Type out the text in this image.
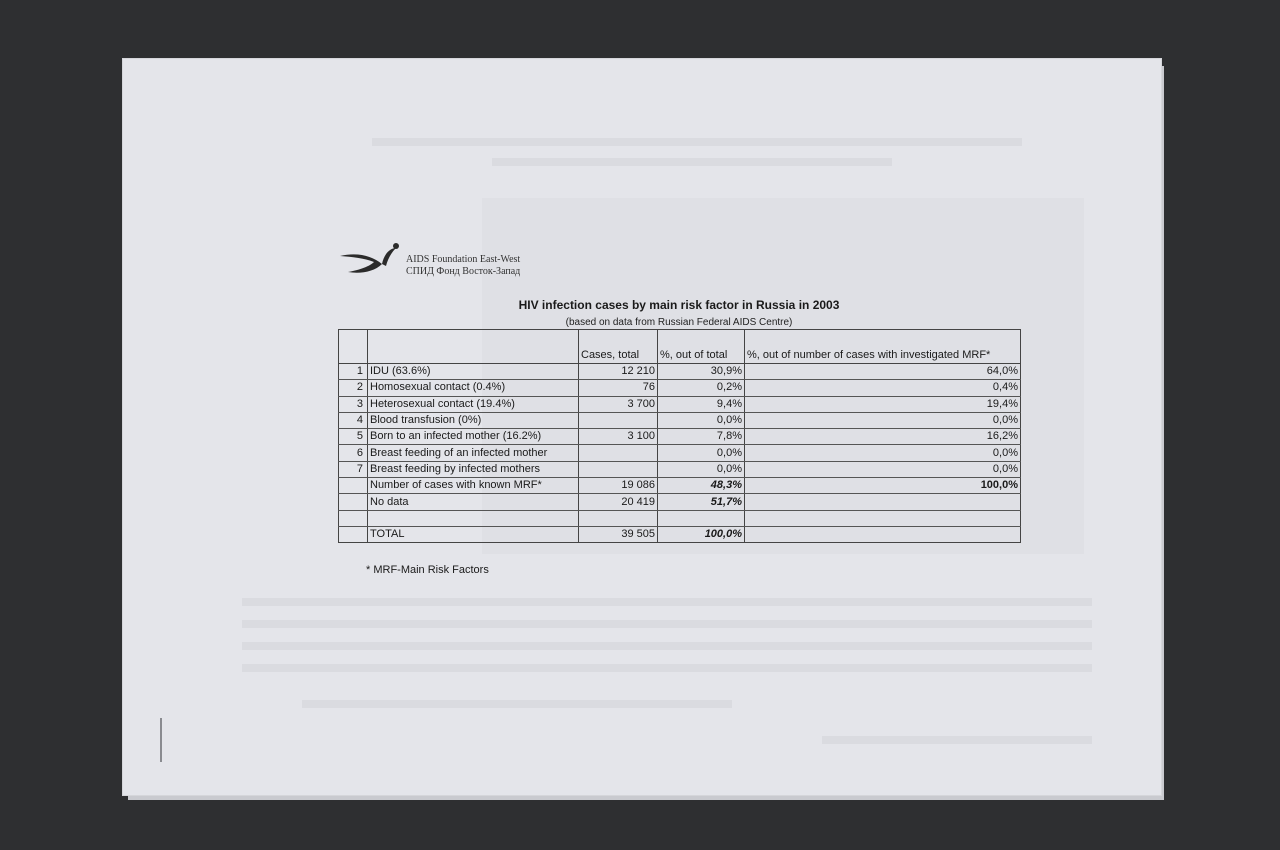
AIDS Foundation East-West
СПИД Фонд Восток-Запад
HIV infection cases by main risk factor in Russia in 2003
(based on data from Russian Federal AIDS Centre)
		Cases, total	%, out of total	%, out of number of cases with investigated MRF*
1	IDU (63.6%)	12 210	30,9%	64,0%
2	Homosexual contact (0.4%)	76	0,2%	0,4%
3	Heterosexual contact (19.4%)	3 700	9,4%	19,4%
4	Blood transfusion (0%)		0,0%	0,0%
5	Born to an infected mother (16.2%)	3 100	7,8%	16,2%
6	Breast feeding of an infected mother		0,0%	0,0%
7	Breast feeding by infected mothers		0,0%	0,0%
	Number of cases with known MRF*	19 086	48,3%	100,0%
	No data	20 419	51,7%	

	TOTAL	39 505	100,0%	
* MRF-Main Risk Factors
